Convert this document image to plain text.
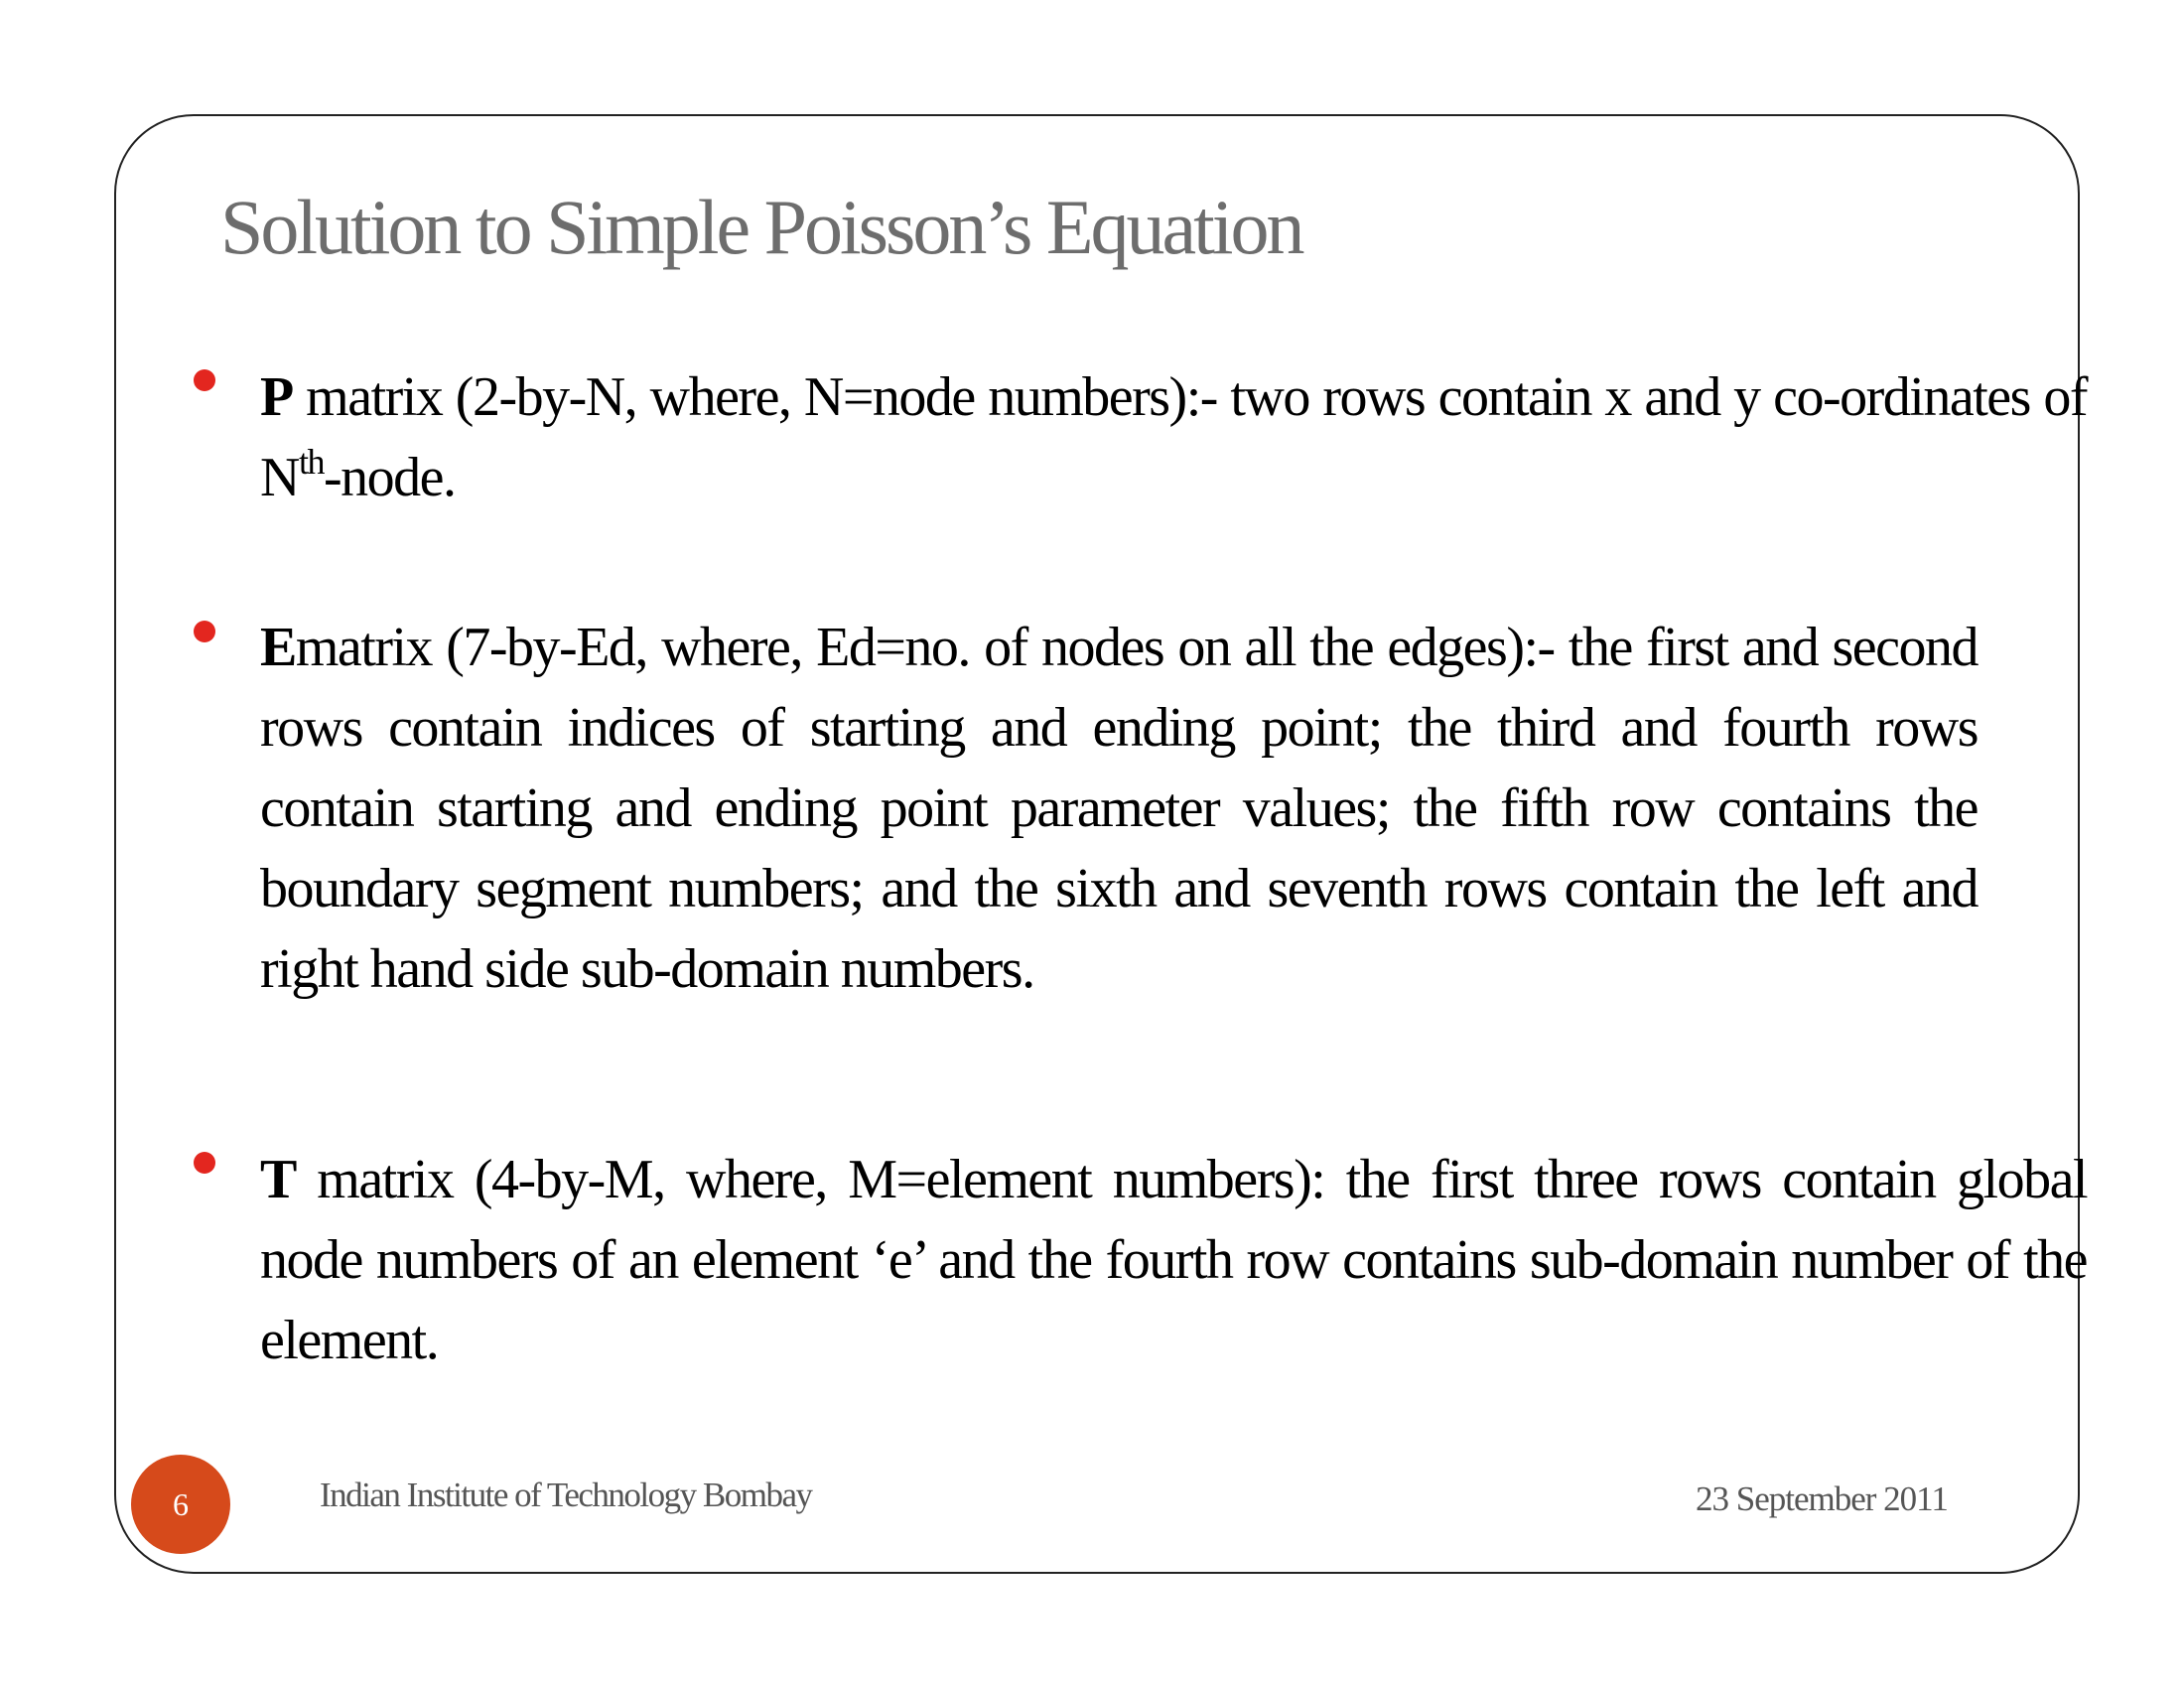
Solution to Simple Poisson’s Equation
P matrix (2-by-N, where, N=node numbers):- two rows contain x and y co-ordinates of $N^{th}$-node.
Ematrix (7-by-Ed, where, Ed=no. of nodes on all the edges):- the first and second rows contain indices of starting and ending point; the third and fourth rows contain starting and ending point parameter values; the fifth row contains the boundary segment numbers; and the sixth and seventh rows contain the left and right hand side sub-domain numbers.
T matrix (4-by-M, where, M=element numbers): the first three rows contain global node numbers of an element ‘e’ and the fourth row contains sub-domain number of the element.
6	Indian Institute of Technology Bombay	23 September 2011
